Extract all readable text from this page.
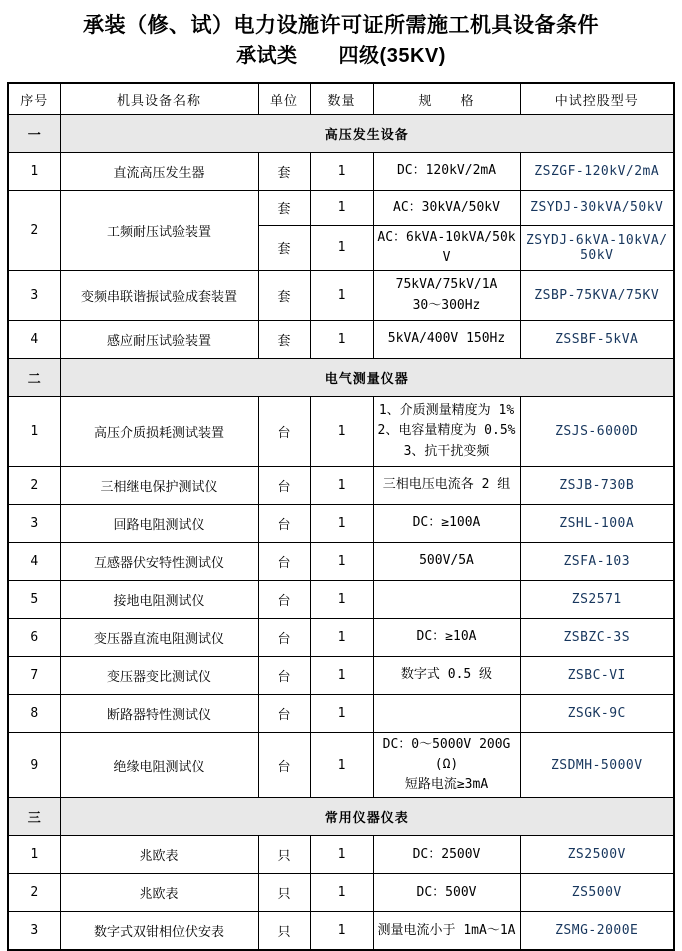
承装（修、试）电力设施许可证所需施工机具设备条件
承试类　　四级(35KV)
序号	机具设备名称	单位	数量	规　　格	中试控股型号
一	高压发生设备				
1	直流高压发生器	套	1	DC：120kV/2mA	ZSZGF-120kV/2mA
2	工频耐压试验装置	套	1	AC：30kVA/50kV	ZSYDJ-30kVA/50kV
		套	1	AC：6kVA-10kVA/50kV	ZSYDJ-6kVA-10kVA/50kV
3	变频串联谐振试验成套装置	套	1	75kVA/75kV/1A
30～300Hz	ZSBP-75KVA/75KV
4	感应耐压试验装置	套	1	5kVA/400V 150Hz	ZSSBF-5kVA
二	电气测量仪器				
1	高压介质损耗测试装置	台	1	1、介质测量精度为 1%
2、电容量精度为 0.5%
3、抗干扰变频	ZSJS-6000D
2	三相继电保护测试仪	台	1	三相电压电流各 2 组	ZSJB-730B
3	回路电阻测试仪	台	1	DC：≥100A	ZSHL-100A
4	互感器伏安特性测试仪	台	1	500V/5A	ZSFA-103
5	接地电阻测试仪	台	1		ZS2571
6	变压器直流电阻测试仪	台	1	DC：≥10A	ZSBZC-3S
7	变压器变比测试仪	台	1	数字式 0.5 级	ZSBC-VI
8	断路器特性测试仪	台	1		ZSGK-9C
9	绝缘电阻测试仪	台	1	DC：0～5000V 200G(Ω)
短路电流≥3mA	ZSDMH-5000V
三	常用仪器仪表				
1	兆欧表	只	1	DC：2500V	ZS2500V
2	兆欧表	只	1	DC：500V	ZS500V
3	数字式双钳相位伏安表	只	1	测量电流小于 1mA～1A	ZSMG-2000E
